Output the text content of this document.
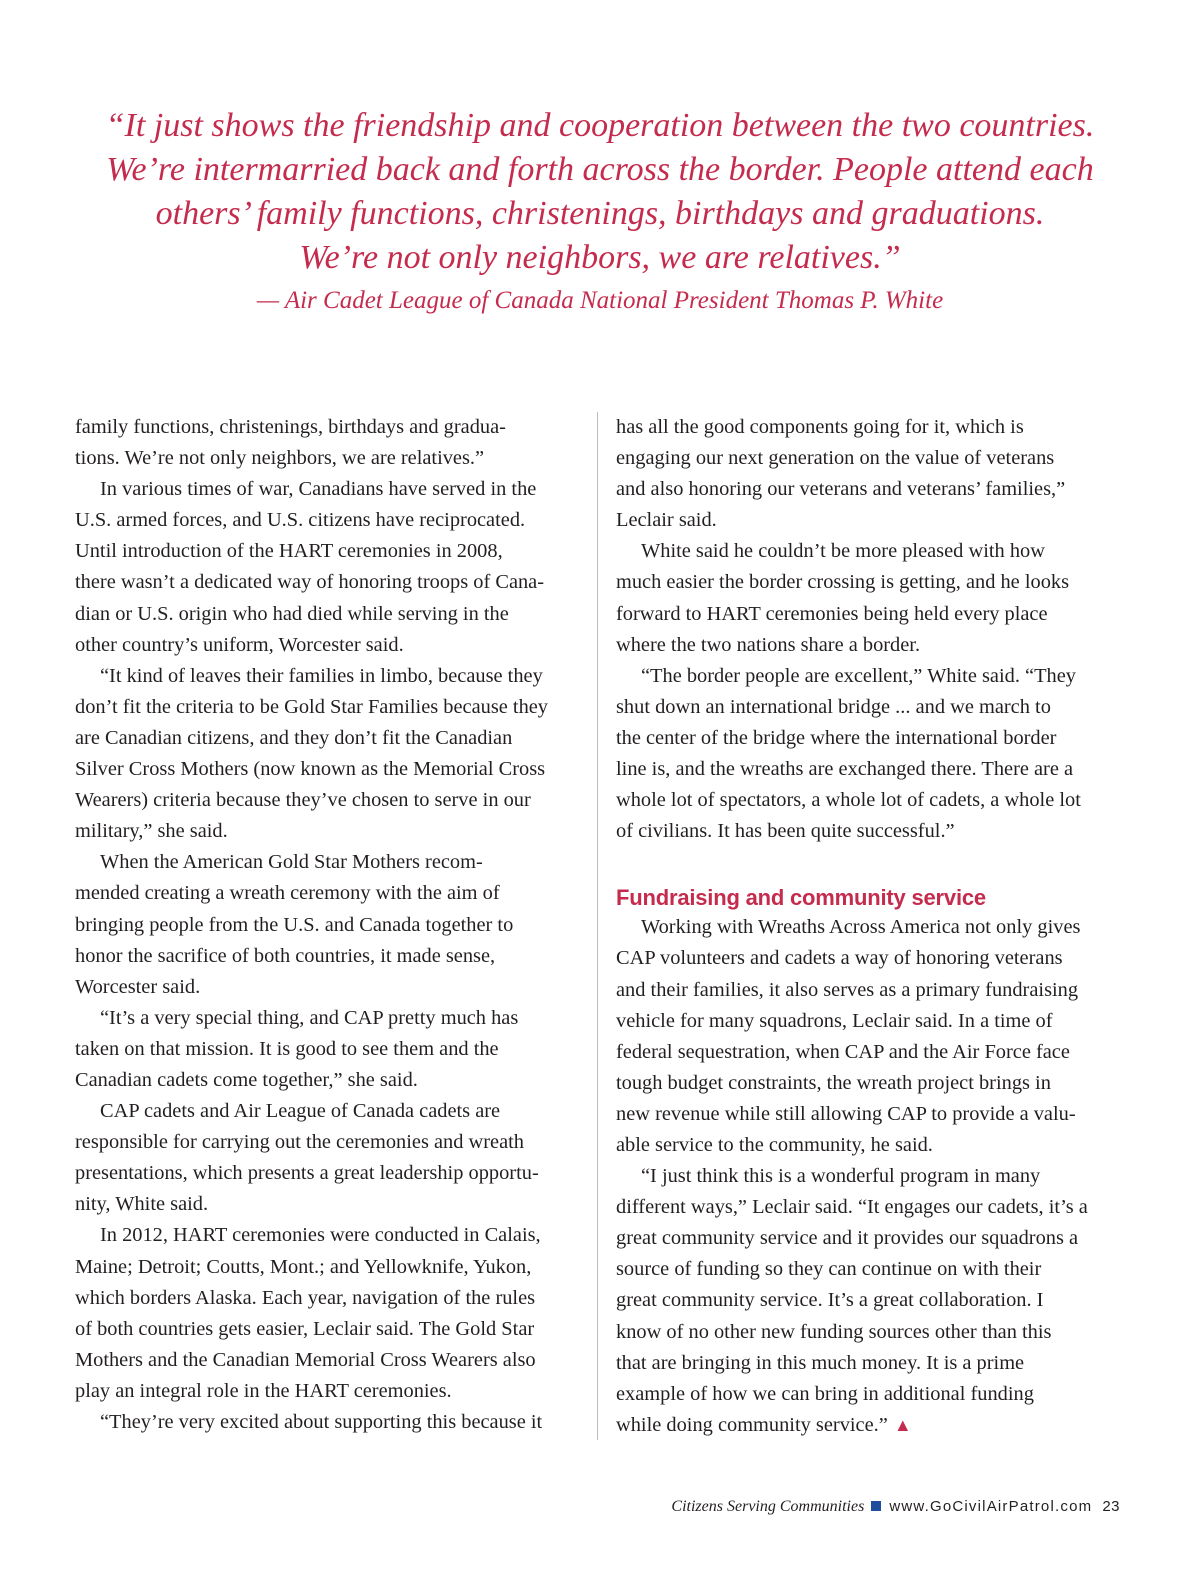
“It just shows the friendship and cooperation between the two countries.
We’re intermarried back and forth across the border. People attend each
others’ family functions, christenings, birthdays and graduations.
We’re not only neighbors, we are relatives.”
— Air Cadet League of Canada National President Thomas P. White
family functions, christenings, birthdays and gradua-
tions. We’re not only neighbors, we are relatives.”
In various times of war, Canadians have served in the
U.S. armed forces, and U.S. citizens have reciprocated.
Until introduction of the HART ceremonies in 2008,
there wasn’t a dedicated way of honoring troops of Cana-
dian or U.S. origin who had died while serving in the
other country’s uniform, Worcester said.
“It kind of leaves their families in limbo, because they
don’t fit the criteria to be Gold Star Families because they
are Canadian citizens, and they don’t fit the Canadian
Silver Cross Mothers (now known as the Memorial Cross
Wearers) criteria because they’ve chosen to serve in our
military,” she said.
When the American Gold Star Mothers recom-
mended creating a wreath ceremony with the aim of
bringing people from the U.S. and Canada together to
honor the sacrifice of both countries, it made sense,
Worcester said.
“It’s a very special thing, and CAP pretty much has
taken on that mission. It is good to see them and the
Canadian cadets come together,” she said.
CAP cadets and Air League of Canada cadets are
responsible for carrying out the ceremonies and wreath
presentations, which presents a great leadership opportu-
nity, White said.
In 2012, HART ceremonies were conducted in Calais,
Maine; Detroit; Coutts, Mont.; and Yellowknife, Yukon,
which borders Alaska. Each year, navigation of the rules
of both countries gets easier, Leclair said. The Gold Star
Mothers and the Canadian Memorial Cross Wearers also
play an integral role in the HART ceremonies.
“They’re very excited about supporting this because it
has all the good components going for it, which is
engaging our next generation on the value of veterans
and also honoring our veterans and veterans’ families,”
Leclair said.
White said he couldn’t be more pleased with how
much easier the border crossing is getting, and he looks
forward to HART ceremonies being held every place
where the two nations share a border.
“The border people are excellent,” White said. “They
shut down an international bridge ... and we march to
the center of the bridge where the international border
line is, and the wreaths are exchanged there. There are a
whole lot of spectators, a whole lot of cadets, a whole lot
of civilians. It has been quite successful.”
Fundraising and community service
Working with Wreaths Across America not only gives
CAP volunteers and cadets a way of honoring veterans
and their families, it also serves as a primary fundraising
vehicle for many squadrons, Leclair said. In a time of
federal sequestration, when CAP and the Air Force face
tough budget constraints, the wreath project brings in
new revenue while still allowing CAP to provide a valu-
able service to the community, he said.
“I just think this is a wonderful program in many
different ways,” Leclair said. “It engages our cadets, it’s a
great community service and it provides our squadrons a
source of funding so they can continue on with their
great community service. It’s a great collaboration. I
know of no other new funding sources other than this
that are bringing in this much money. It is a prime
example of how we can bring in additional funding
while doing community service.” ▲
Citizens Serving Communities www.GoCivilAirPatrol.com 23
